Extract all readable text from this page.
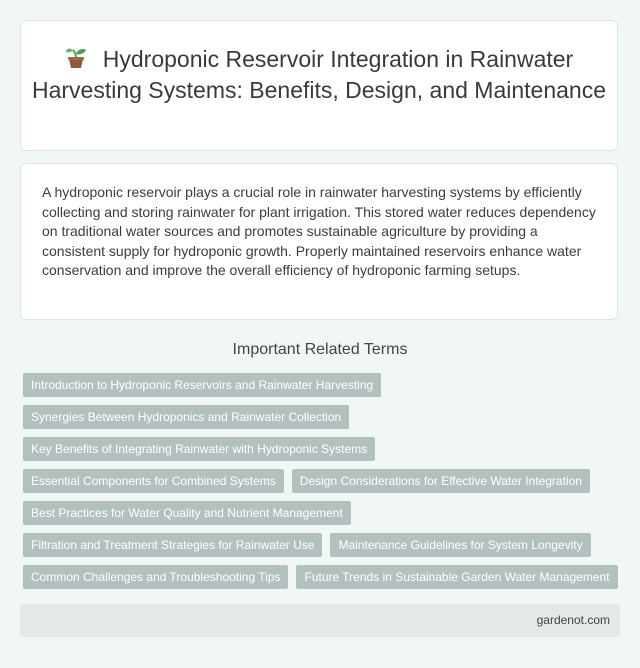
Hydroponic Reservoir Integration in Rainwater Harvesting Systems: Benefits, Design, and Maintenance
A hydroponic reservoir plays a crucial role in rainwater harvesting systems by efficiently collecting and storing rainwater for plant irrigation. This stored water reduces dependency on traditional water sources and promotes sustainable agriculture by providing a consistent supply for hydroponic growth. Properly maintained reservoirs enhance water conservation and improve the overall efficiency of hydroponic farming setups.
Important Related Terms
Introduction to Hydroponic Reservoirs and Rainwater Harvesting
Synergies Between Hydroponics and Rainwater Collection
Key Benefits of Integrating Rainwater with Hydroponic Systems
Essential Components for Combined Systems	Design Considerations for Effective Water Integration
Best Practices for Water Quality and Nutrient Management
Filtration and Treatment Strategies for Rainwater Use	Maintenance Guidelines for System Longevity
Common Challenges and Troubleshooting Tips	Future Trends in Sustainable Garden Water Management
gardenot.com
